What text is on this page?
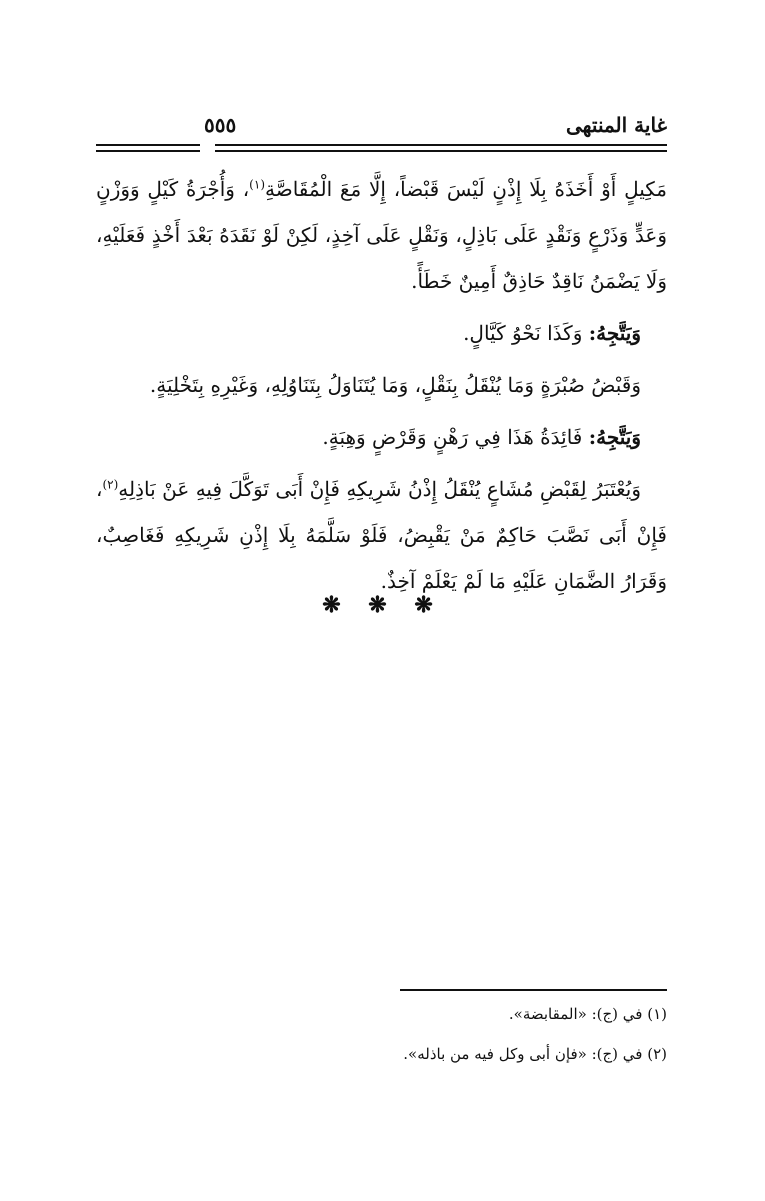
غاية المنتهى
٥٥٥

مَكِيلٍ أَوْ أَخَذَهُ بِلَا إِذْنٍ لَيْسَ قَبْضاً، إِلَّا مَعَ الْمُقَاصَّةِ$^{(١)}$، وَأُجْرَةُ كَيْلٍ وَوَزْنٍ وَعَدٍّ وَذَرْعٍ وَنَقْدٍ عَلَى بَاذِلٍ، وَنَقْلٍ عَلَى آخِذٍ، لَكِنْ لَوْ نَقَدَهُ بَعْدَ أَخْذٍ فَعَلَيْهِ، وَلَا يَضْمَنُ نَاقِدٌ حَاذِقٌ أَمِينٌ خَطَأً.

وَيَتَّجِهُ: وَكَذَا نَحْوُ كَيَّالٍ.

وَقَبْضُ صُبْرَةٍ وَمَا يُنْقَلُ بِنَقْلٍ، وَمَا يُتَنَاوَلُ بِتَنَاوُلِهِ، وَغَيْرِهِ بِتَخْلِيَةٍ.

وَيَتَّجِهُ: فَائِدَةُ هَذَا فِي رَهْنٍ وَقَرْضٍ وَهِبَةٍ.

وَيُعْتَبَرُ لِقَبْضِ مُشَاعٍ يُنْقَلُ إِذْنُ شَرِيكِهِ فَإِنْ أَبَى تَوَكَّلَ فِيهِ عَنْ بَاذِلِهِ$^{(٢)}$، فَإِنْ أَبَى نَصَّبَ حَاكِمٌ مَنْ يَقْبِضُ، فَلَوْ سَلَّمَهُ بِلَا إِذْنِ شَرِيكِهِ فَغَاصِبٌ، وَقَرَارُ الضَّمَانِ عَلَيْهِ مَا لَمْ يَعْلَمْ آخِذٌ.

❋ ❋ ❋

(١) في (ج): «المقابضة».

(٢) في (ج): «فإن أبى وكل فيه من باذله».
